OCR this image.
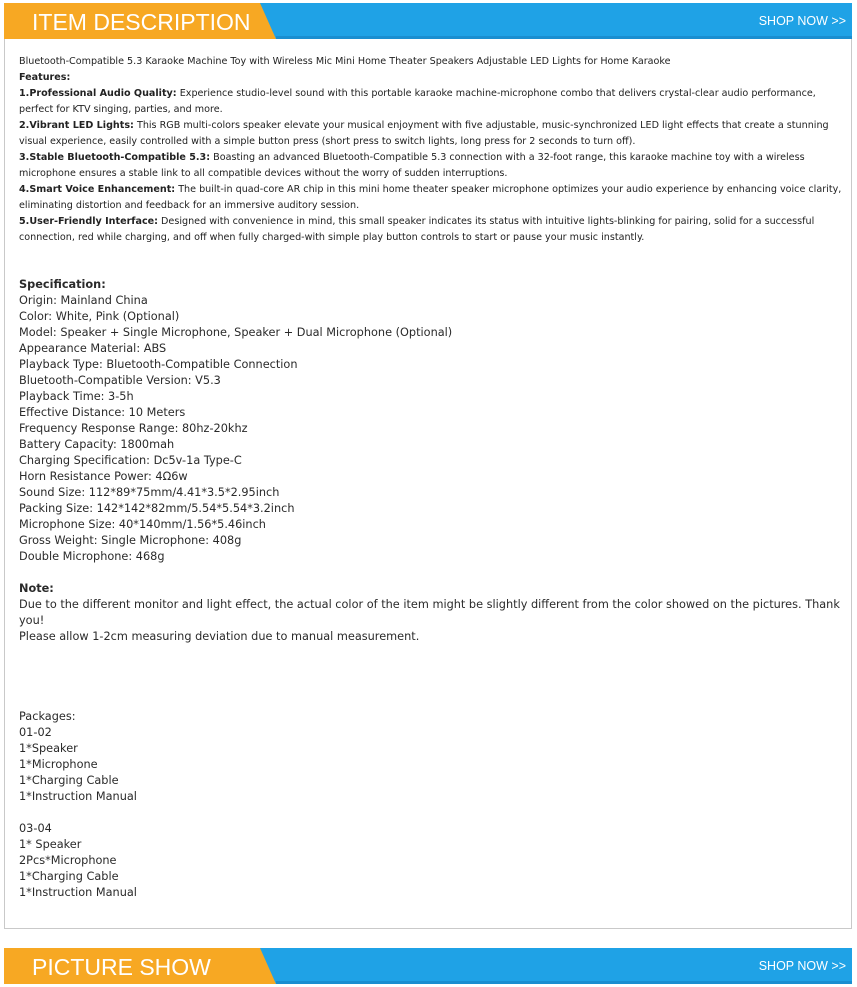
ITEM DESCRIPTION	SHOP NOW >>
Bluetooth-Compatible 5.3 Karaoke Machine Toy with Wireless Mic Mini Home Theater Speakers Adjustable LED Lights for Home Karaoke
Features:
1.Professional Audio Quality: Experience studio-level sound with this portable karaoke machine-microphone combo that delivers crystal-clear audio performance,
perfect for KTV singing, parties, and more.
2.Vibrant LED Lights: This RGB multi-colors speaker elevate your musical enjoyment with five adjustable, music-synchronized LED light effects that create a stunning
visual experience, easily controlled with a simple button press (short press to switch lights, long press for 2 seconds to turn off).
3.Stable Bluetooth-Compatible 5.3: Boasting an advanced Bluetooth-Compatible 5.3 connection with a 32-foot range, this karaoke machine toy with a wireless
microphone ensures a stable link to all compatible devices without the worry of sudden interruptions.
4.Smart Voice Enhancement: The built-in quad-core AR chip in this mini home theater speaker microphone optimizes your audio experience by enhancing voice clarity,
eliminating distortion and feedback for an immersive auditory session.
5.User-Friendly Interface: Designed with convenience in mind, this small speaker indicates its status with intuitive lights-blinking for pairing, solid for a successful
connection, red while charging, and off when fully charged-with simple play button controls to start or pause your music instantly.
Specification:
Origin: Mainland China
Color: White, Pink (Optional)
Model: Speaker + Single Microphone, Speaker + Dual Microphone (Optional)
Appearance Material: ABS
Playback Type: Bluetooth-Compatible Connection
Bluetooth-Compatible Version: V5.3
Playback Time: 3-5h
Effective Distance: 10 Meters
Frequency Response Range: 80hz-20khz
Battery Capacity: 1800mah
Charging Specification: Dc5v-1a Type-C
Horn Resistance Power: 4Ω6w
Sound Size: 112*89*75mm/4.41*3.5*2.95inch
Packing Size: 142*142*82mm/5.54*5.54*3.2inch
Microphone Size: 40*140mm/1.56*5.46inch
Gross Weight: Single Microphone: 408g
Double Microphone: 468g
Note:
Due to the different monitor and light effect, the actual color of the item might be slightly different from the color showed on the pictures. Thank
you!
Please allow 1-2cm measuring deviation due to manual measurement.
Packages:
01-02
1*Speaker
1*Microphone
1*Charging Cable
1*Instruction Manual
03-04
1* Speaker
2Pcs*Microphone
1*Charging Cable
1*Instruction Manual
PICTURE SHOW	SHOP NOW >>
